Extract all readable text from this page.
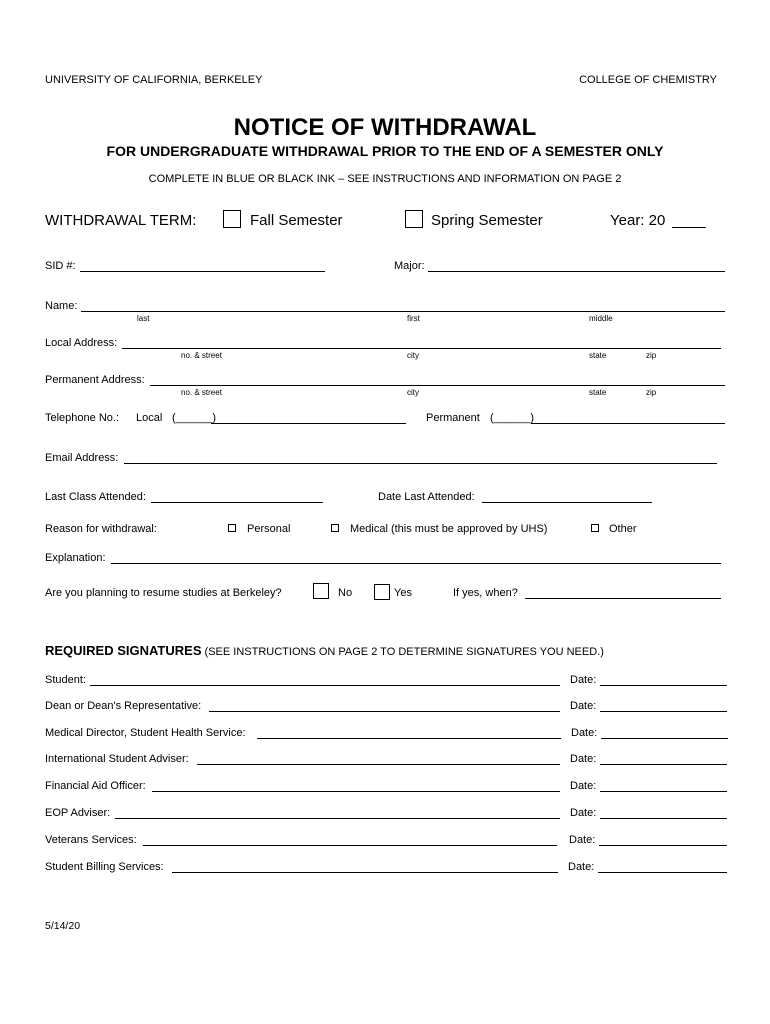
UNIVERSITY OF CALIFORNIA, BERKELEY	COLLEGE OF CHEMISTRY
NOTICE OF WITHDRAWAL
FOR UNDERGRADUATE WITHDRAWAL PRIOR TO THE END OF A SEMESTER ONLY
COMPLETE IN BLUE OR BLACK INK – SEE INSTRUCTIONS AND INFORMATION ON PAGE 2
WITHDRAWAL TERM:	Fall Semester	Spring Semester	Year: 20
SID #:	Major:
Name:
last	first	middle
Local Address:
no. & street	city	state	zip
Permanent Address:
no. & street	city	state	zip
Telephone No.: Local (______)	Permanent (______)
Email Address:
Last Class Attended:	Date Last Attended:
Reason for withdrawal:	Personal	Medical (this must be approved by UHS)	Other
Explanation:
Are you planning to resume studies at Berkeley?	No	Yes	If yes, when?
REQUIRED SIGNATURES (SEE INSTRUCTIONS ON PAGE 2 TO DETERMINE SIGNATURES YOU NEED.)
Student:	Date:
Dean or Dean's Representative:	Date:
Medical Director, Student Health Service:	Date:
International Student Adviser:	Date:
Financial Aid Officer:	Date:
EOP Adviser:	Date:
Veterans Services:	Date:
Student Billing Services:	Date:
5/14/20
